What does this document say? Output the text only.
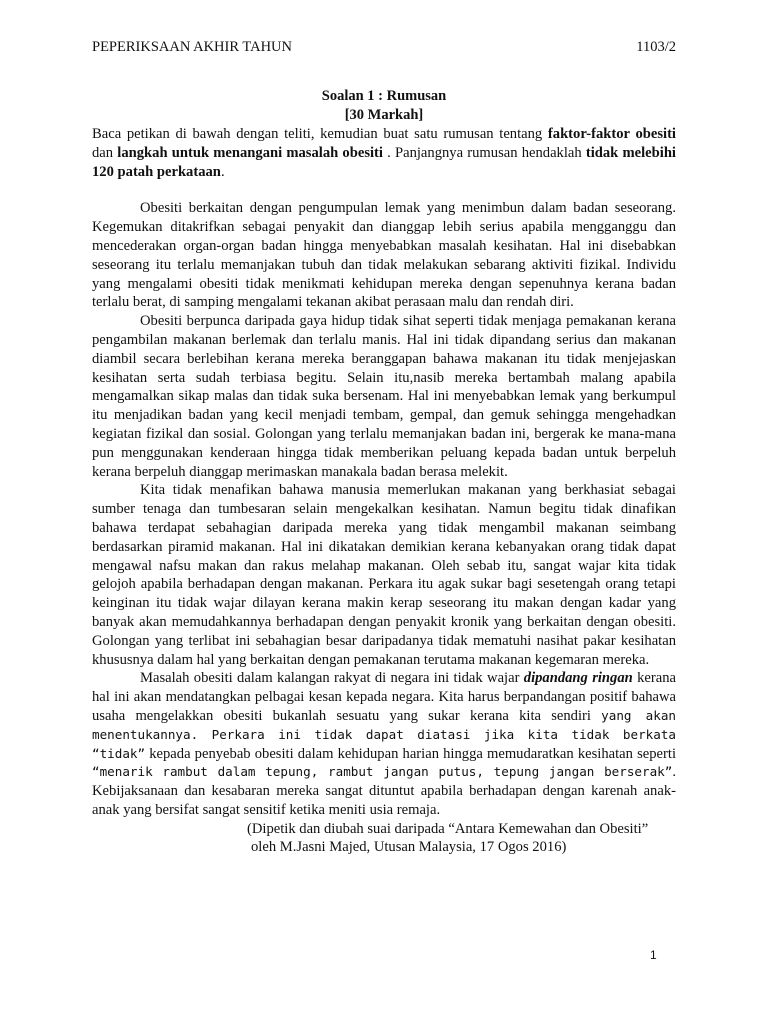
PEPERIKSAAN AKHIR TAHUN	1103/2
Soalan 1 : Rumusan
[30 Markah]

Baca petikan di bawah dengan teliti, kemudian buat satu rumusan tentang faktor-faktor obesiti dan langkah untuk menangani masalah obesiti . Panjangnya rumusan hendaklah tidak melebihi 120 patah perkataan.

Obesiti berkaitan dengan pengumpulan lemak yang menimbun dalam badan seseorang. Kegemukan ditakrifkan sebagai penyakit dan dianggap lebih serius apabila mengganggu dan mencederakan organ-organ badan hingga menyebabkan masalah kesihatan. Hal ini disebabkan seseorang itu terlalu memanjakan tubuh dan tidak melakukan sebarang aktiviti fizikal. Individu yang mengalami obesiti tidak menikmati kehidupan mereka dengan sepenuhnya kerana badan terlalu berat, di samping mengalami tekanan akibat perasaan malu dan rendah diri.

Obesiti berpunca daripada gaya hidup tidak sihat seperti tidak menjaga pemakanan kerana pengambilan makanan berlemak dan terlalu manis. Hal ini tidak dipandang serius dan makanan diambil secara berlebihan kerana mereka beranggapan bahawa makanan itu tidak menjejaskan kesihatan serta sudah terbiasa begitu. Selain itu,nasib mereka bertambah malang apabila mengamalkan sikap malas dan tidak suka bersenam. Hal ini menyebabkan lemak yang berkumpul itu menjadikan badan yang kecil menjadi tembam, gempal, dan gemuk sehingga mengehadkan kegiatan fizikal dan sosial. Golongan yang terlalu memanjakan badan ini, bergerak ke mana-mana pun menggunakan kenderaan hingga tidak memberikan peluang kepada badan untuk berpeluh kerana berpeluh dianggap merimaskan manakala badan berasa melekit.

Kita tidak menafikan bahawa manusia memerlukan makanan yang berkhasiat sebagai sumber tenaga dan tumbesaran selain mengekalkan kesihatan. Namun begitu tidak dinafikan bahawa terdapat sebahagian daripada mereka yang tidak mengambil makanan seimbang berdasarkan piramid makanan. Hal ini dikatakan demikian kerana kebanyakan orang tidak dapat mengawal nafsu makan dan rakus melahap makanan. Oleh sebab itu, sangat wajar kita tidak gelojoh apabila berhadapan dengan makanan. Perkara itu agak sukar bagi sesetengah orang tetapi keinginan itu tidak wajar dilayan kerana makin kerap seseorang itu makan dengan kadar yang banyak akan memudahkannya berhadapan dengan penyakit kronik yang berkaitan dengan obesiti. Golongan yang terlibat ini sebahagian besar daripadanya tidak mematuhi nasihat pakar kesihatan khususnya dalam hal yang berkaitan dengan pemakanan terutama makanan kegemaran mereka.

Masalah obesiti dalam kalangan rakyat di negara ini tidak wajar dipandang ringan kerana hal ini akan mendatangkan pelbagai kesan kepada negara. Kita harus berpandangan positif bahawa usaha mengelakkan obesiti bukanlah sesuatu yang sukar kerana kita sendiri yang akan menentukannya. Perkara ini tidak dapat diatasi jika kita tidak berkata “tidak” kepada penyebab obesiti dalam kehidupan harian hingga memudaratkan kesihatan seperti “menarik rambut dalam tepung, rambut jangan putus, tepung jangan berserak”. Kebijaksanaan dan kesabaran mereka sangat dituntut apabila berhadapan dengan karenah anak-anak yang bersifat sangat sensitif ketika meniti usia remaja.

(Dipetik dan diubah suai daripada “Antara Kemewahan dan Obesiti”
oleh M.Jasni Majed, Utusan Malaysia, 17 Ogos 2016)
1
